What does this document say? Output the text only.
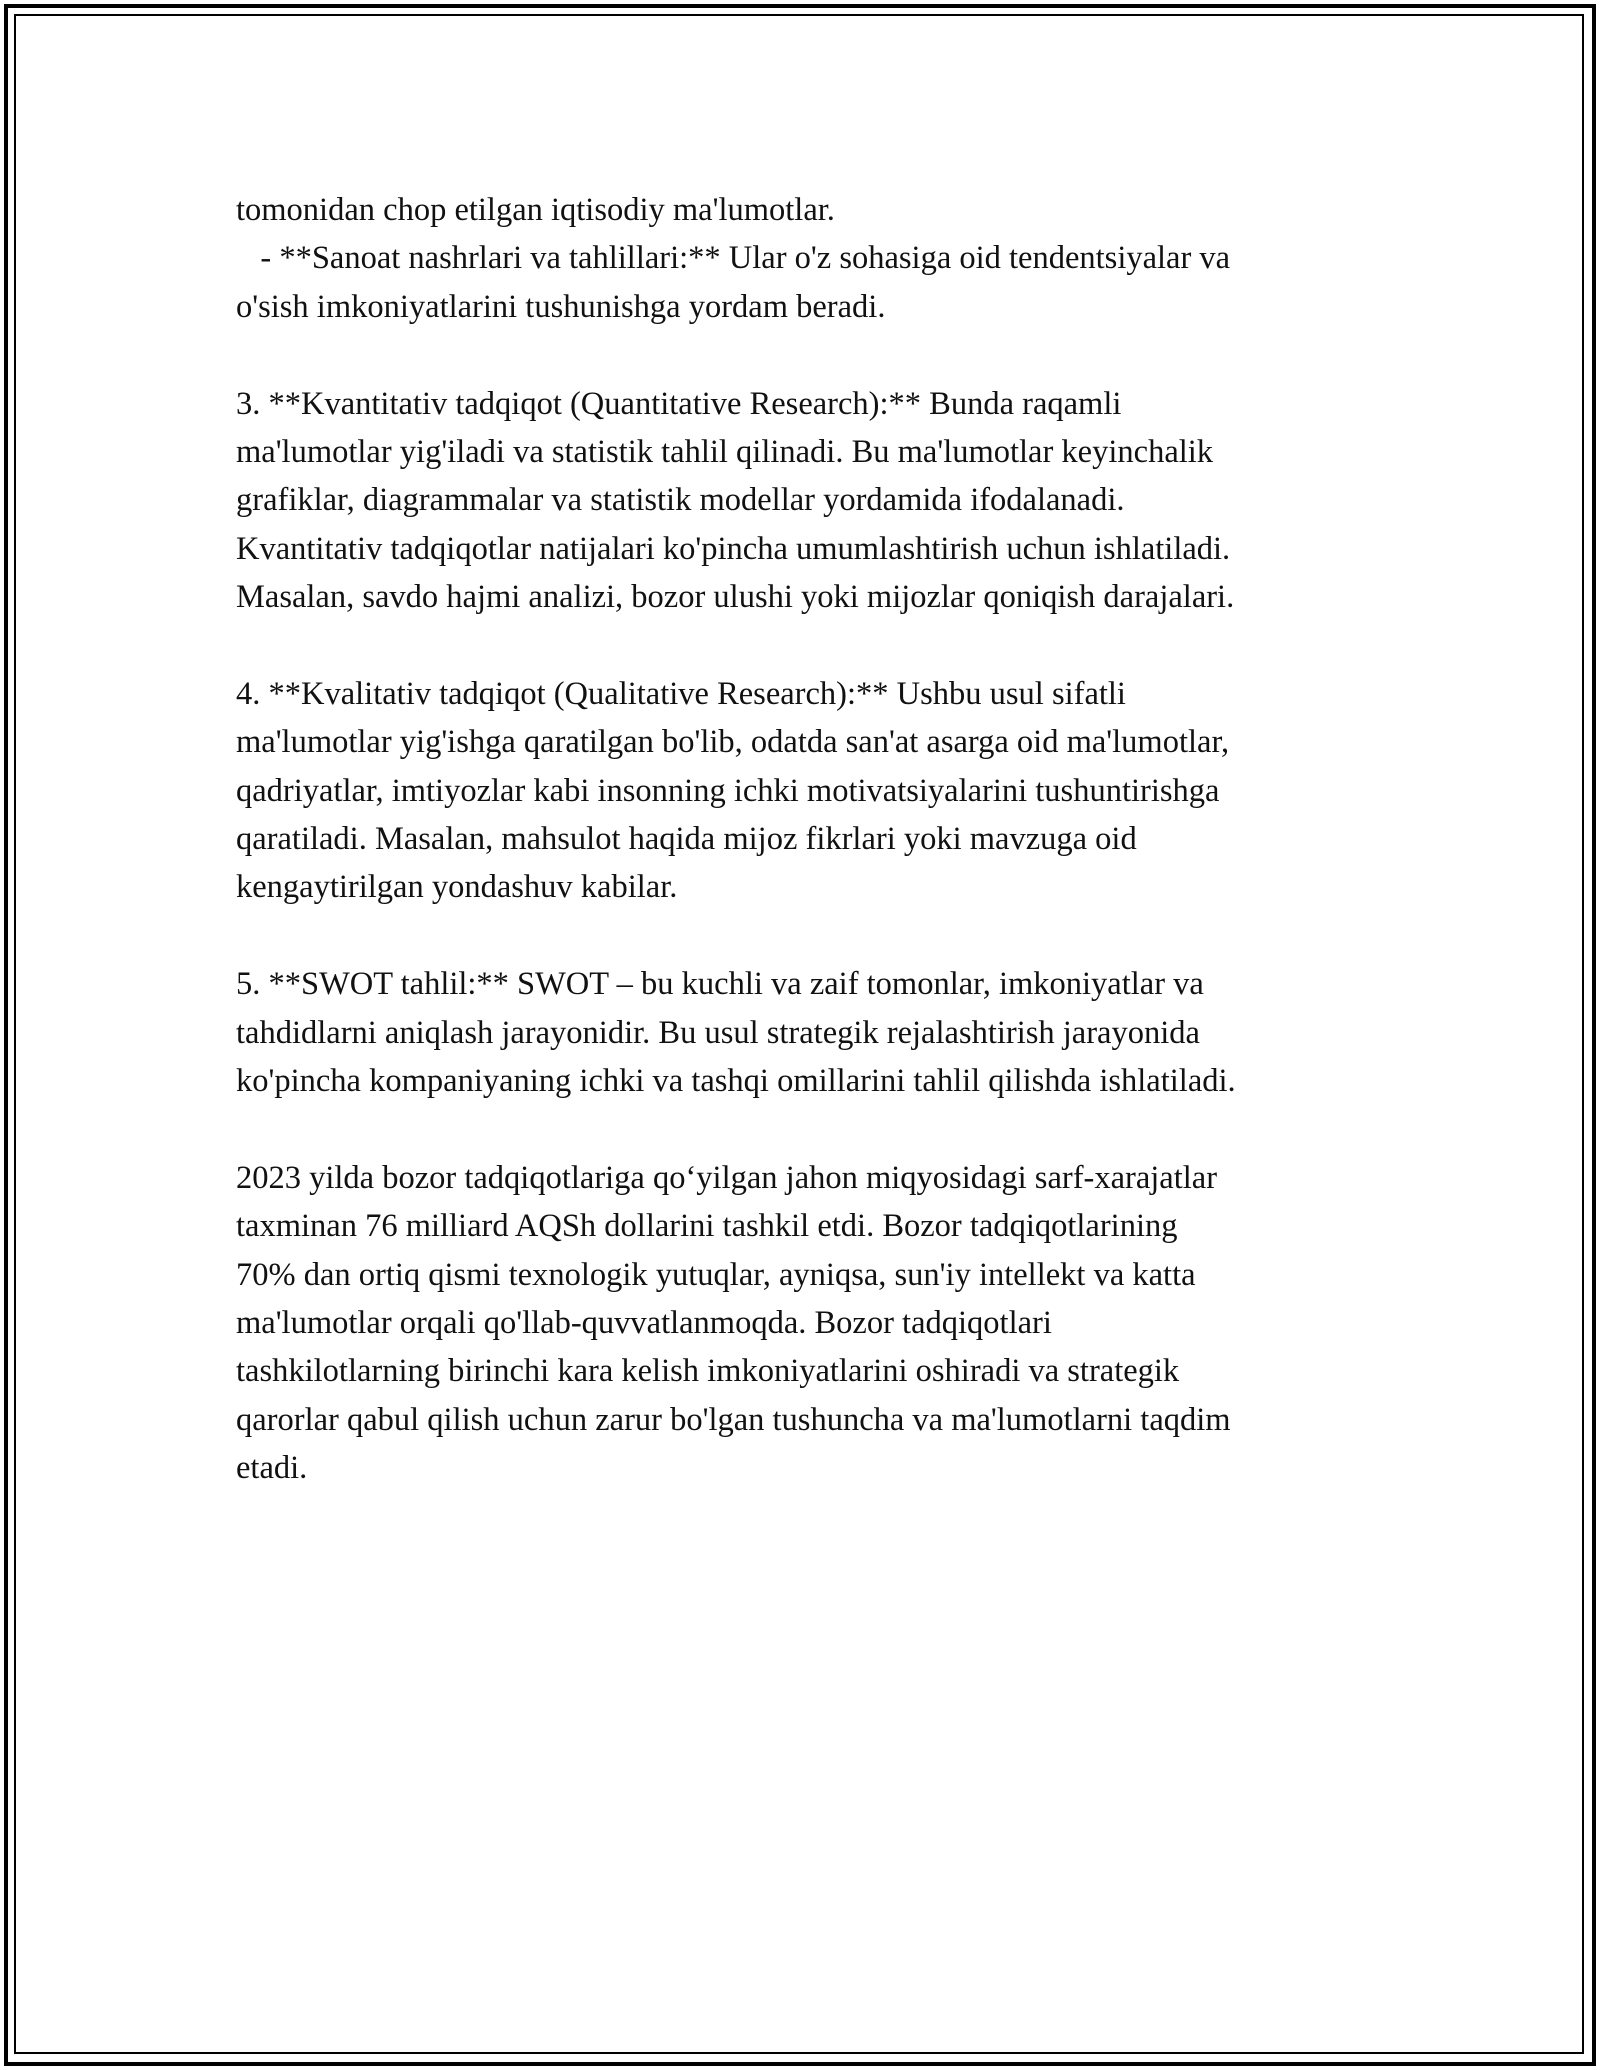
tomonidan chop etilgan iqtisodiy ma'lumotlar.
- **Sanoat nashrlari va tahlillari:** Ular o'z sohasiga oid tendentsiyalar va
o'sish imkoniyatlarini tushunishga yordam beradi.
3. **Kvantitativ tadqiqot (Quantitative Research):** Bunda raqamli
ma'lumotlar yig'iladi va statistik tahlil qilinadi. Bu ma'lumotlar keyinchalik
grafiklar, diagrammalar va statistik modellar yordamida ifodalanadi.
Kvantitativ tadqiqotlar natijalari ko'pincha umumlashtirish uchun ishlatiladi.
Masalan, savdo hajmi analizi, bozor ulushi yoki mijozlar qoniqish darajalari.
4. **Kvalitativ tadqiqot (Qualitative Research):** Ushbu usul sifatli
ma'lumotlar yig'ishga qaratilgan bo'lib, odatda san'at asarga oid ma'lumotlar,
qadriyatlar, imtiyozlar kabi insonning ichki motivatsiyalarini tushuntirishga
qaratiladi. Masalan, mahsulot haqida mijoz fikrlari yoki mavzuga oid
kengaytirilgan yondashuv kabilar.
5. **SWOT tahlil:** SWOT – bu kuchli va zaif tomonlar, imkoniyatlar va
tahdidlarni aniqlash jarayonidir. Bu usul strategik rejalashtirish jarayonida
ko'pincha kompaniyaning ichki va tashqi omillarini tahlil qilishda ishlatiladi.
2023 yilda bozor tadqiqotlariga qo‘yilgan jahon miqyosidagi sarf-xarajatlar
taxminan 76 milliard AQSh dollarini tashkil etdi. Bozor tadqiqotlarining
70% dan ortiq qismi texnologik yutuqlar, ayniqsa, sun'iy intellekt va katta
ma'lumotlar orqali qo'llab-quvvatlanmoqda. Bozor tadqiqotlari
tashkilotlarning birinchi kara kelish imkoniyatlarini oshiradi va strategik
qarorlar qabul qilish uchun zarur bo'lgan tushuncha va ma'lumotlarni taqdim
etadi.
